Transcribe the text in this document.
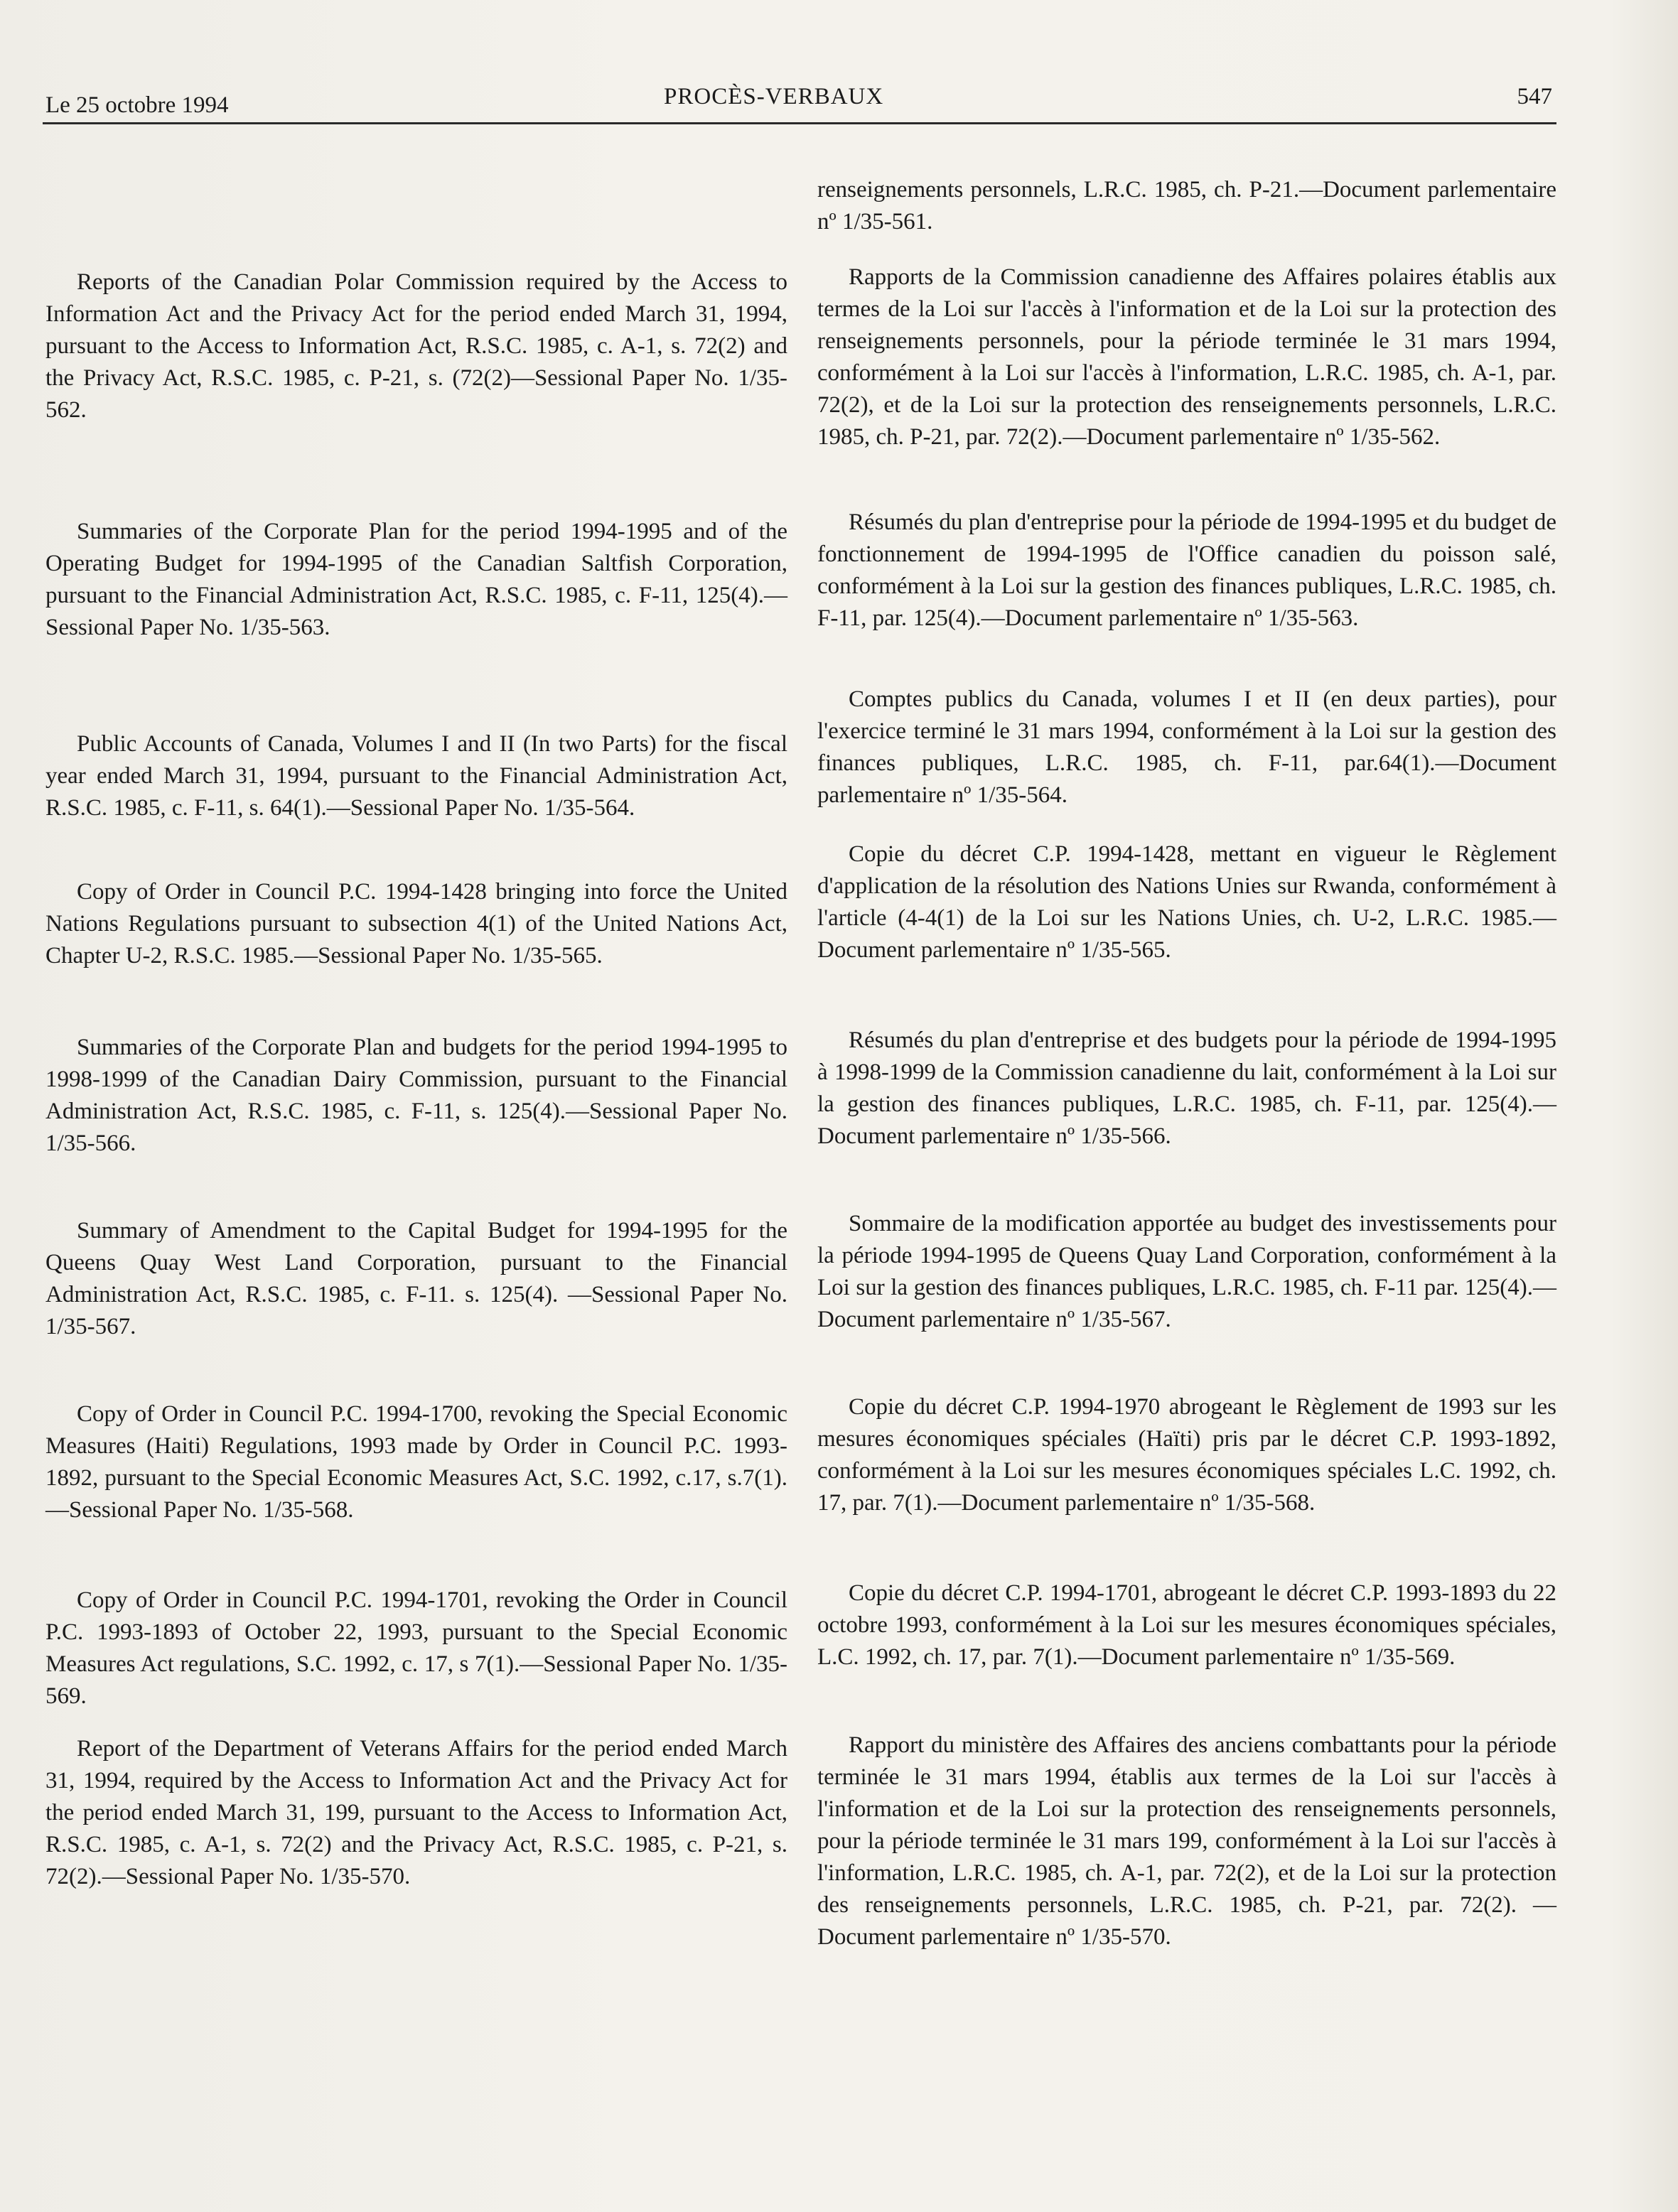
Le 25 octobre 1994	PROCÈS-VERBAUX	547

Reports of the Canadian Polar Commission required by the Access to Information Act and the Privacy Act for the period ended March 31, 1994, pursuant to the Access to Information Act, R.S.C. 1985, c. A-1, s. 72(2) and the Privacy Act, R.S.C. 1985, c. P-21, s. (72(2)—Sessional Paper No. 1/35-562.

Summaries of the Corporate Plan for the period 1994-1995 and of the Operating Budget for 1994-1995 of the Canadian Saltfish Corporation, pursuant to the Financial Administration Act, R.S.C. 1985, c. F-11, 125(4).—Sessional Paper No. 1/35-563.

Public Accounts of Canada, Volumes I and II (In two Parts) for the fiscal year ended March 31, 1994, pursuant to the Financial Administration Act, R.S.C. 1985, c. F-11, s. 64(1).—Sessional Paper No. 1/35-564.

Copy of Order in Council P.C. 1994-1428 bringing into force the United Nations Regulations pursuant to subsection 4(1) of the United Nations Act, Chapter U-2, R.S.C. 1985.—Sessional Paper No. 1/35-565.

Summaries of the Corporate Plan and budgets for the period 1994-1995 to 1998-1999 of the Canadian Dairy Commission, pursuant to the Financial Administration Act, R.S.C. 1985, c. F-11, s. 125(4).—Sessional Paper No. 1/35-566.

Summary of Amendment to the Capital Budget for 1994-1995 for the Queens Quay West Land Corporation, pursuant to the Financial Administration Act, R.S.C. 1985, c. F-11. s. 125(4). —Sessional Paper No. 1/35-567.

Copy of Order in Council P.C. 1994-1700, revoking the Special Economic Measures (Haiti) Regulations, 1993 made by Order in Council P.C. 1993-1892, pursuant to the Special Economic Measures Act, S.C. 1992, c.17, s.7(1).—Sessional Paper No. 1/35-568.

Copy of Order in Council P.C. 1994-1701, revoking the Order in Council P.C. 1993-1893 of October 22, 1993, pursuant to the Special Economic Measures Act regulations, S.C. 1992, c. 17, s 7(1).—Sessional Paper No. 1/35-569.

Report of the Department of Veterans Affairs for the period ended March 31, 1994, required by the Access to Information Act and the Privacy Act for the period ended March 31, 199, pursuant to the Access to Information Act, R.S.C. 1985, c. A-1, s. 72(2) and the Privacy Act, R.S.C. 1985, c. P-21, s. 72(2).—Sessional Paper No. 1/35-570.

renseignements personnels, L.R.C. 1985, ch. P-21.—Document parlementaire nº 1/35-561.

Rapports de la Commission canadienne des Affaires polaires établis aux termes de la Loi sur l'accès à l'information et de la Loi sur la protection des renseignements personnels, pour la période terminée le 31 mars 1994, conformément à la Loi sur l'accès à l'information, L.R.C. 1985, ch. A-1, par. 72(2), et de la Loi sur la protection des renseignements personnels, L.R.C. 1985, ch. P-21, par. 72(2).—Document parlementaire nº 1/35-562.

Résumés du plan d'entreprise pour la période de 1994-1995 et du budget de fonctionnement de 1994-1995 de l'Office canadien du poisson salé, conformément à la Loi sur la gestion des finances publiques, L.R.C. 1985, ch. F-11, par. 125(4).—Document parlementaire nº 1/35-563.

Comptes publics du Canada, volumes I et II (en deux parties), pour l'exercice terminé le 31 mars 1994, conformément à la Loi sur la gestion des finances publiques, L.R.C. 1985, ch. F-11, par.64(1).—Document parlementaire nº 1/35-564.

Copie du décret C.P. 1994-1428, mettant en vigueur le Règlement d'application de la résolution des Nations Unies sur Rwanda, conformément à l'article (4-4(1) de la Loi sur les Nations Unies, ch. U-2, L.R.C. 1985.—Document parlementaire nº 1/35-565.

Résumés du plan d'entreprise et des budgets pour la période de 1994-1995 à 1998-1999 de la Commission canadienne du lait, conformément à la Loi sur la gestion des finances publiques, L.R.C. 1985, ch. F-11, par. 125(4).—Document parlementaire nº 1/35-566.

Sommaire de la modification apportée au budget des investissements pour la période 1994-1995 de Queens Quay Land Corporation, conformément à la Loi sur la gestion des finances publiques, L.R.C. 1985, ch. F-11 par. 125(4).—Document parlementaire nº 1/35-567.

Copie du décret C.P. 1994-1970 abrogeant le Règlement de 1993 sur les mesures économiques spéciales (Haïti) pris par le décret C.P. 1993-1892, conformément à la Loi sur les mesures économiques spéciales L.C. 1992, ch. 17, par. 7(1).—Document parlementaire nº 1/35-568.

Copie du décret C.P. 1994-1701, abrogeant le décret C.P. 1993-1893 du 22 octobre 1993, conformément à la Loi sur les mesures économiques spéciales, L.C. 1992, ch. 17, par. 7(1).—Document parlementaire nº 1/35-569.

Rapport du ministère des Affaires des anciens combattants pour la période terminée le 31 mars 1994, établis aux termes de la Loi sur l'accès à l'information et de la Loi sur la protection des renseignements personnels, pour la période terminée le 31 mars 199, conformément à la Loi sur l'accès à l'information, L.R.C. 1985, ch. A-1, par. 72(2), et de la Loi sur la protection des renseignements personnels, L.R.C. 1985, ch. P-21, par. 72(2). —Document parlementaire nº 1/35-570.
